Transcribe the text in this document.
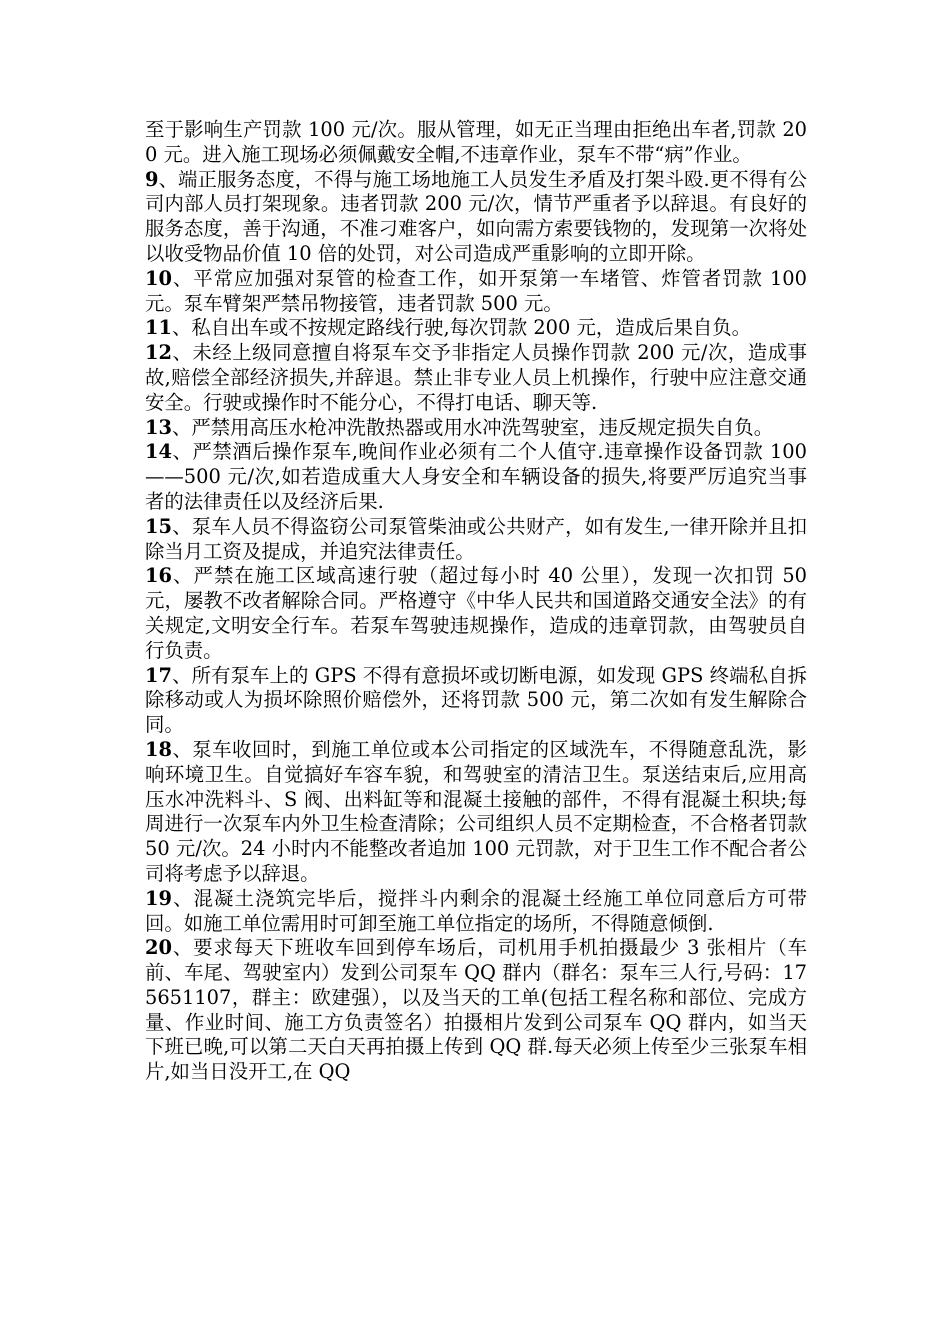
至于影响生产罚款 100 元/次。服从管理，如无正当理由拒绝出车者,罚款 200 元。进入施工现场必须佩戴安全帽,不违章作业，泵车不带“病”作业。

9、端正服务态度，不得与施工场地施工人员发生矛盾及打架斗殴.更不得有公司内部人员打架现象。违者罚款 200 元/次，情节严重者予以辞退。有良好的服务态度，善于沟通，不准刁难客户，如向需方索要钱物的，发现第一次将处以收受物品价值 10 倍的处罚，对公司造成严重影响的立即开除。

10、平常应加强对泵管的检查工作，如开泵第一车堵管、炸管者罚款 100 元。泵车臂架严禁吊物接管，违者罚款 500 元。

11、私自出车或不按规定路线行驶,每次罚款 200 元，造成后果自负。

12、未经上级同意擅自将泵车交予非指定人员操作罚款 200 元/次，造成事故,赔偿全部经济损失,并辞退。禁止非专业人员上机操作，行驶中应注意交通安全。行驶或操作时不能分心，不得打电话、聊天等.

13、严禁用高压水枪冲洗散热器或用水冲洗驾驶室，违反规定损失自负。

14、严禁酒后操作泵车,晚间作业必须有二个人值守.违章操作设备罚款 100——500 元/次,如若造成重大人身安全和车辆设备的损失,将要严厉追究当事者的法律责任以及经济后果.

15、泵车人员不得盗窃公司泵管柴油或公共财产，如有发生,一律开除并且扣除当月工资及提成，并追究法律责任。

16、严禁在施工区域高速行驶（超过每小时 40 公里），发现一次扣罚 50 元，屡教不改者解除合同。严格遵守《中华人民共和国道路交通安全法》的有关规定,文明安全行车。若泵车驾驶违规操作，造成的违章罚款，由驾驶员自行负责。

17、所有泵车上的 GPS 不得有意损坏或切断电源，如发现 GPS 终端私自拆除移动或人为损坏除照价赔偿外，还将罚款 500 元，第二次如有发生解除合同。

18、泵车收回时，到施工单位或本公司指定的区域洗车，不得随意乱洗，影响环境卫生。自觉搞好车容车貌，和驾驶室的清洁卫生。泵送结束后,应用高压水冲洗料斗、S 阀、出料缸等和混凝土接触的部件，不得有混凝土积块;每周进行一次泵车内外卫生检查清除；公司组织人员不定期检查，不合格者罚款 50 元/次。24 小时内不能整改者追加 100 元罚款，对于卫生工作不配合者公司将考虑予以辞退。

19、混凝土浇筑完毕后，搅拌斗内剩余的混凝土经施工单位同意后方可带回。如施工单位需用时可卸至施工单位指定的场所，不得随意倾倒.

20、要求每天下班收车回到停车场后，司机用手机拍摄最少 3 张相片（车前、车尾、驾驶室内）发到公司泵车 QQ 群内（群名：泵车三人行,号码：175651107，群主：欧建强），以及当天的工单(包括工程名称和部位、完成方量、作业时间、施工方负责签名）拍摄相片发到公司泵车 QQ 群内，如当天下班已晚,可以第二天白天再拍摄上传到 QQ 群.每天必须上传至少三张泵车相片,如当日没开工,在 QQ
